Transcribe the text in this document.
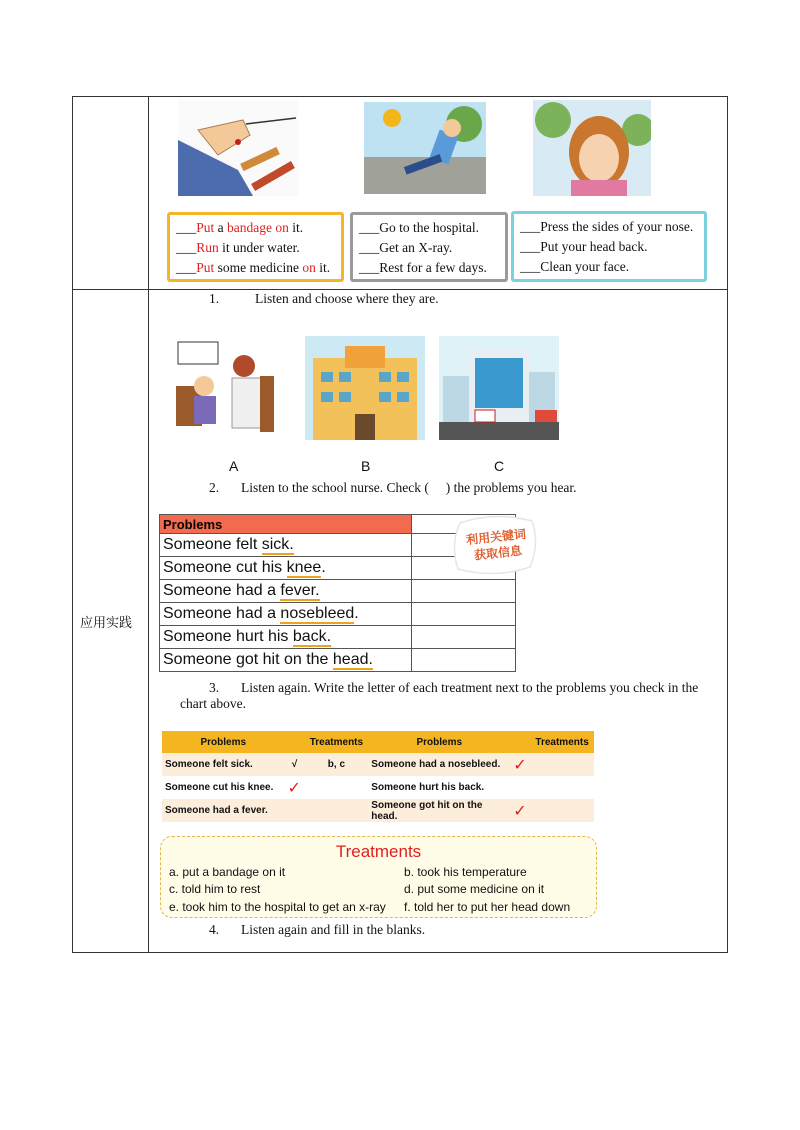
应用实践
___Put a bandage on it.
___Run it under water.
___Put some medicine on it.
___Go to the hospital.
___Get an X-ray.
___Rest for a few days.
___Press the sides of your nose.
___Put your head back.
___Clean your face.
1.	Listen and choose where they are.
A	B	C
2. Listen to the school nurse. Check (     ) the problems you hear.
Problems	
Someone felt sick.	
Someone cut his knee.	
Someone had a fever.	
Someone had a nosebleed.	
Someone hurt his back.	
Someone got hit on the head.	
利用关键词
获取信息
3. Listen again. Write the letter of each treatment next to the problems you check in the
chart above.
Problems		Treatments	Problems		Treatments
Someone felt sick.	√	b, c	Someone had a nosebleed.	✓	
Someone cut his knee.	✓		Someone hurt his back.		
Someone had a fever.			Someone got hit on the head.	✓	
Treatments
a. put a bandage on it	b. took his temperature
c. told him to rest	d. put some medicine on it
e. took him to the hospital to get an x-ray f. told her to put her head down
4. Listen again and fill in the blanks.
